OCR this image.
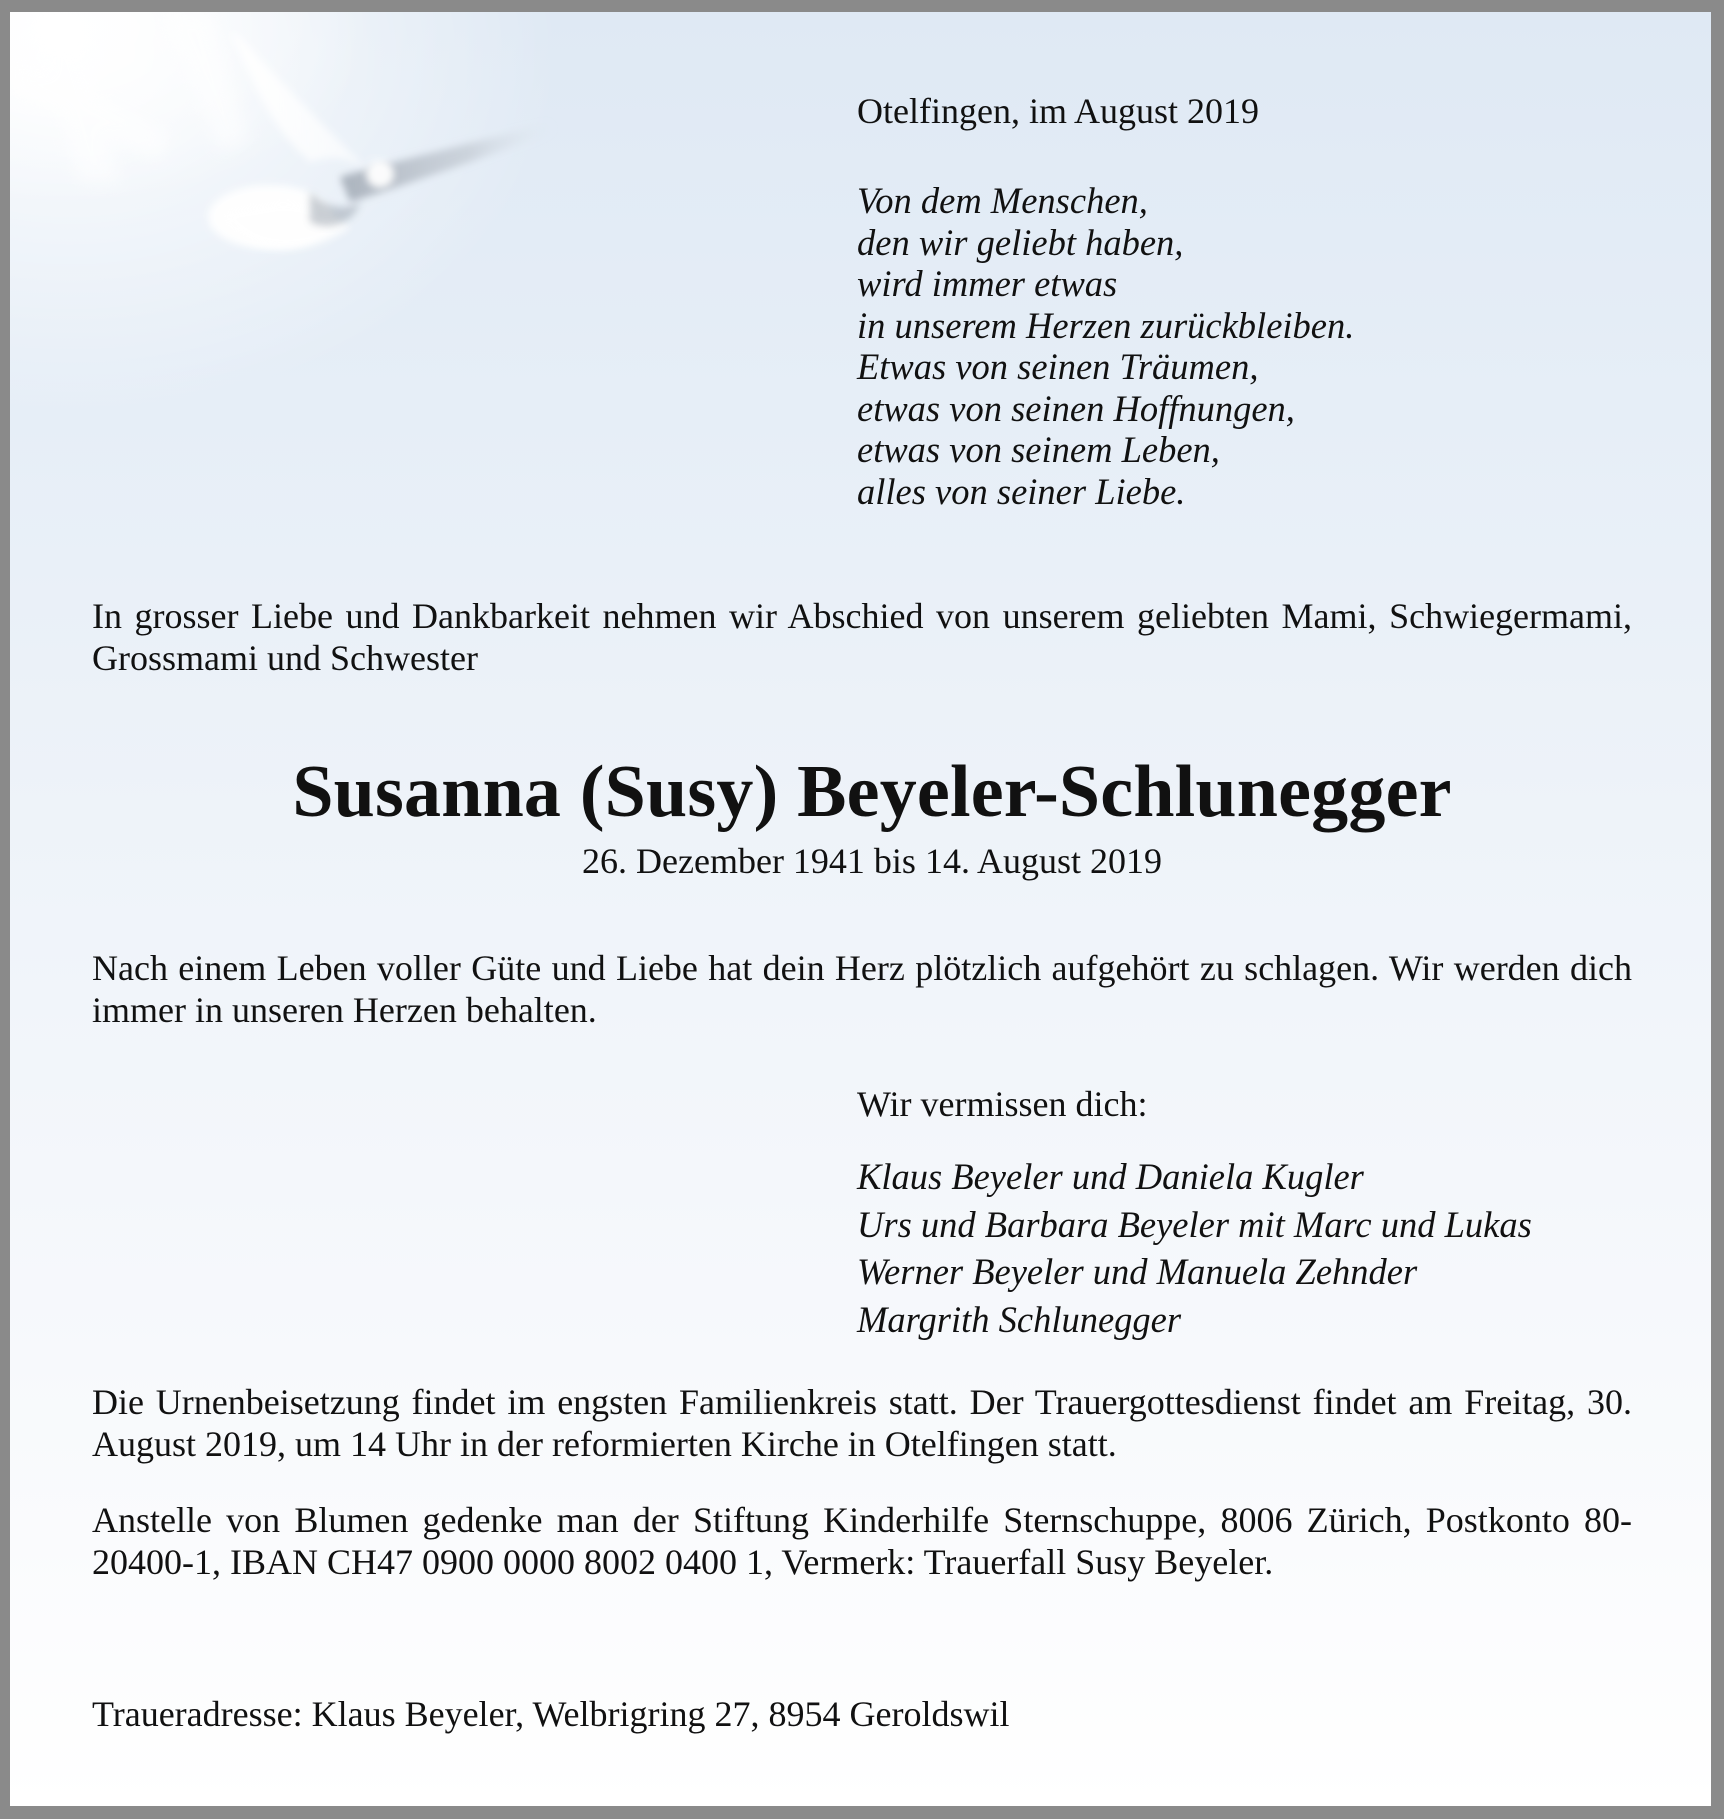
Otelfingen, im August 2019

Von dem Menschen,
den wir geliebt haben,
wird immer etwas
in unserem Herzen zurückbleiben.
Etwas von seinen Träumen,
etwas von seinen Hoffnungen,
etwas von seinem Leben,
alles von seiner Liebe.

In grosser Liebe und Dankbarkeit nehmen wir Abschied von unserem geliebten Mami, Schwiegermami, Grossmami und Schwester

Susanna (Susy) Beyeler-Schlunegger
26. Dezember 1941 bis 14. August 2019

Nach einem Leben voller Güte und Liebe hat dein Herz plötzlich aufgehört zu schlagen. Wir werden dich immer in unseren Herzen behalten.

Wir vermissen dich:

Klaus Beyeler und Daniela Kugler
Urs und Barbara Beyeler mit Marc und Lukas
Werner Beyeler und Manuela Zehnder
Margrith Schlunegger

Die Urnenbeisetzung findet im engsten Familienkreis statt. Der Trauergottesdienst findet am Freitag, 30. August 2019, um 14 Uhr in der reformierten Kirche in Otelfingen statt.

Anstelle von Blumen gedenke man der Stiftung Kinderhilfe Sternschuppe, 8006 Zürich, Postkonto 80-20400-1, IBAN CH47 0900 0000 8002 0400 1, Vermerk: Trauerfall Susy Beyeler.

Traueradresse: Klaus Beyeler, Welbrigring 27, 8954 Geroldswil
